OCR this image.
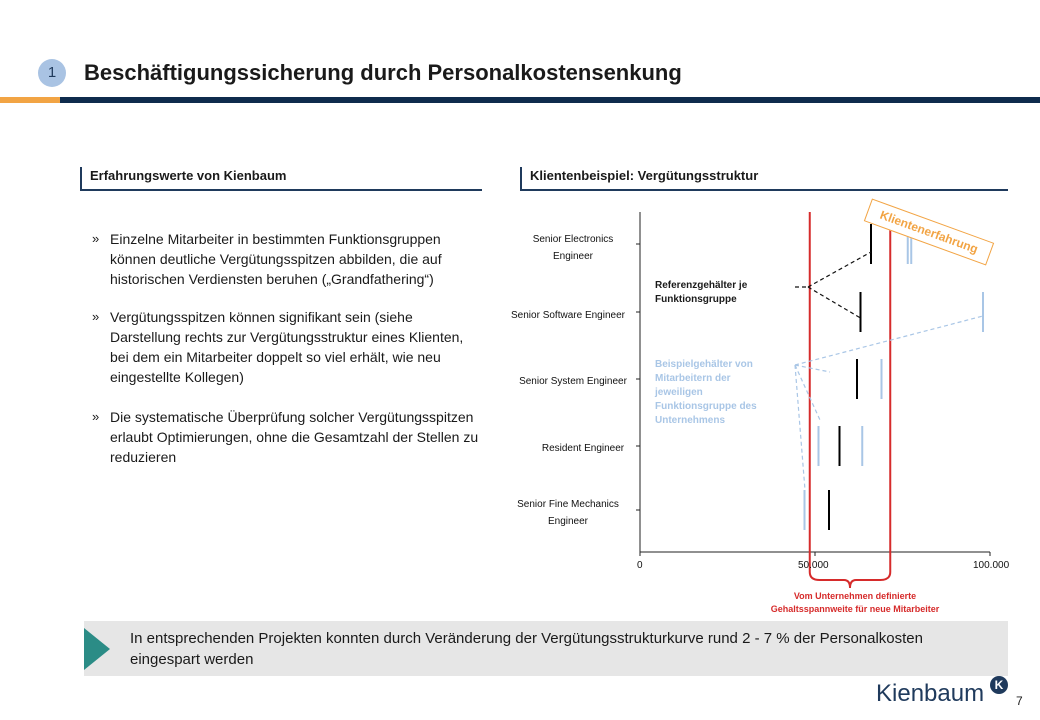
1	Beschäftigungssicherung durch Personalkostensenkung
Erfahrungswerte von Kienbaum
» Einzelne Mitarbeiter in bestimmten Funktionsgruppen können deutliche Vergütungsspitzen abbilden, die auf historischen Verdiensten beruhen („Grandfathering“)
» Vergütungsspitzen können signifikant sein (siehe Darstellung rechts zur Vergütungsstruktur eines Klienten, bei dem ein Mitarbeiter doppelt so viel erhält, wie neu eingestellte Kollegen)
» Die systematische Überprüfung solcher Vergütungsspitzen erlaubt Optimierungen, ohne die Gesamtzahl der Stellen zu reduzieren
Klientenbeispiel: Vergütungsstruktur
Senior Electronics
Engineer
Senior Software Engineer
Senior System Engineer
Resident Engineer
Senior Fine Mechanics
Engineer
0	50.000	100.000
Referenzgehälter je
Funktionsgruppe
Beispielgehälter von
Mitarbeitern der
jeweiligen
Funktionsgruppe des
Unternehmens
Vom Unternehmen definierte
Gehaltsspannweite für neue Mitarbeiter
Klientenerfahrung
In entsprechenden Projekten konnten durch Veränderung der Vergütungsstrukturkurve rund 2 - 7 % der Personalkosten eingespart werden
Kienbaum K
7
